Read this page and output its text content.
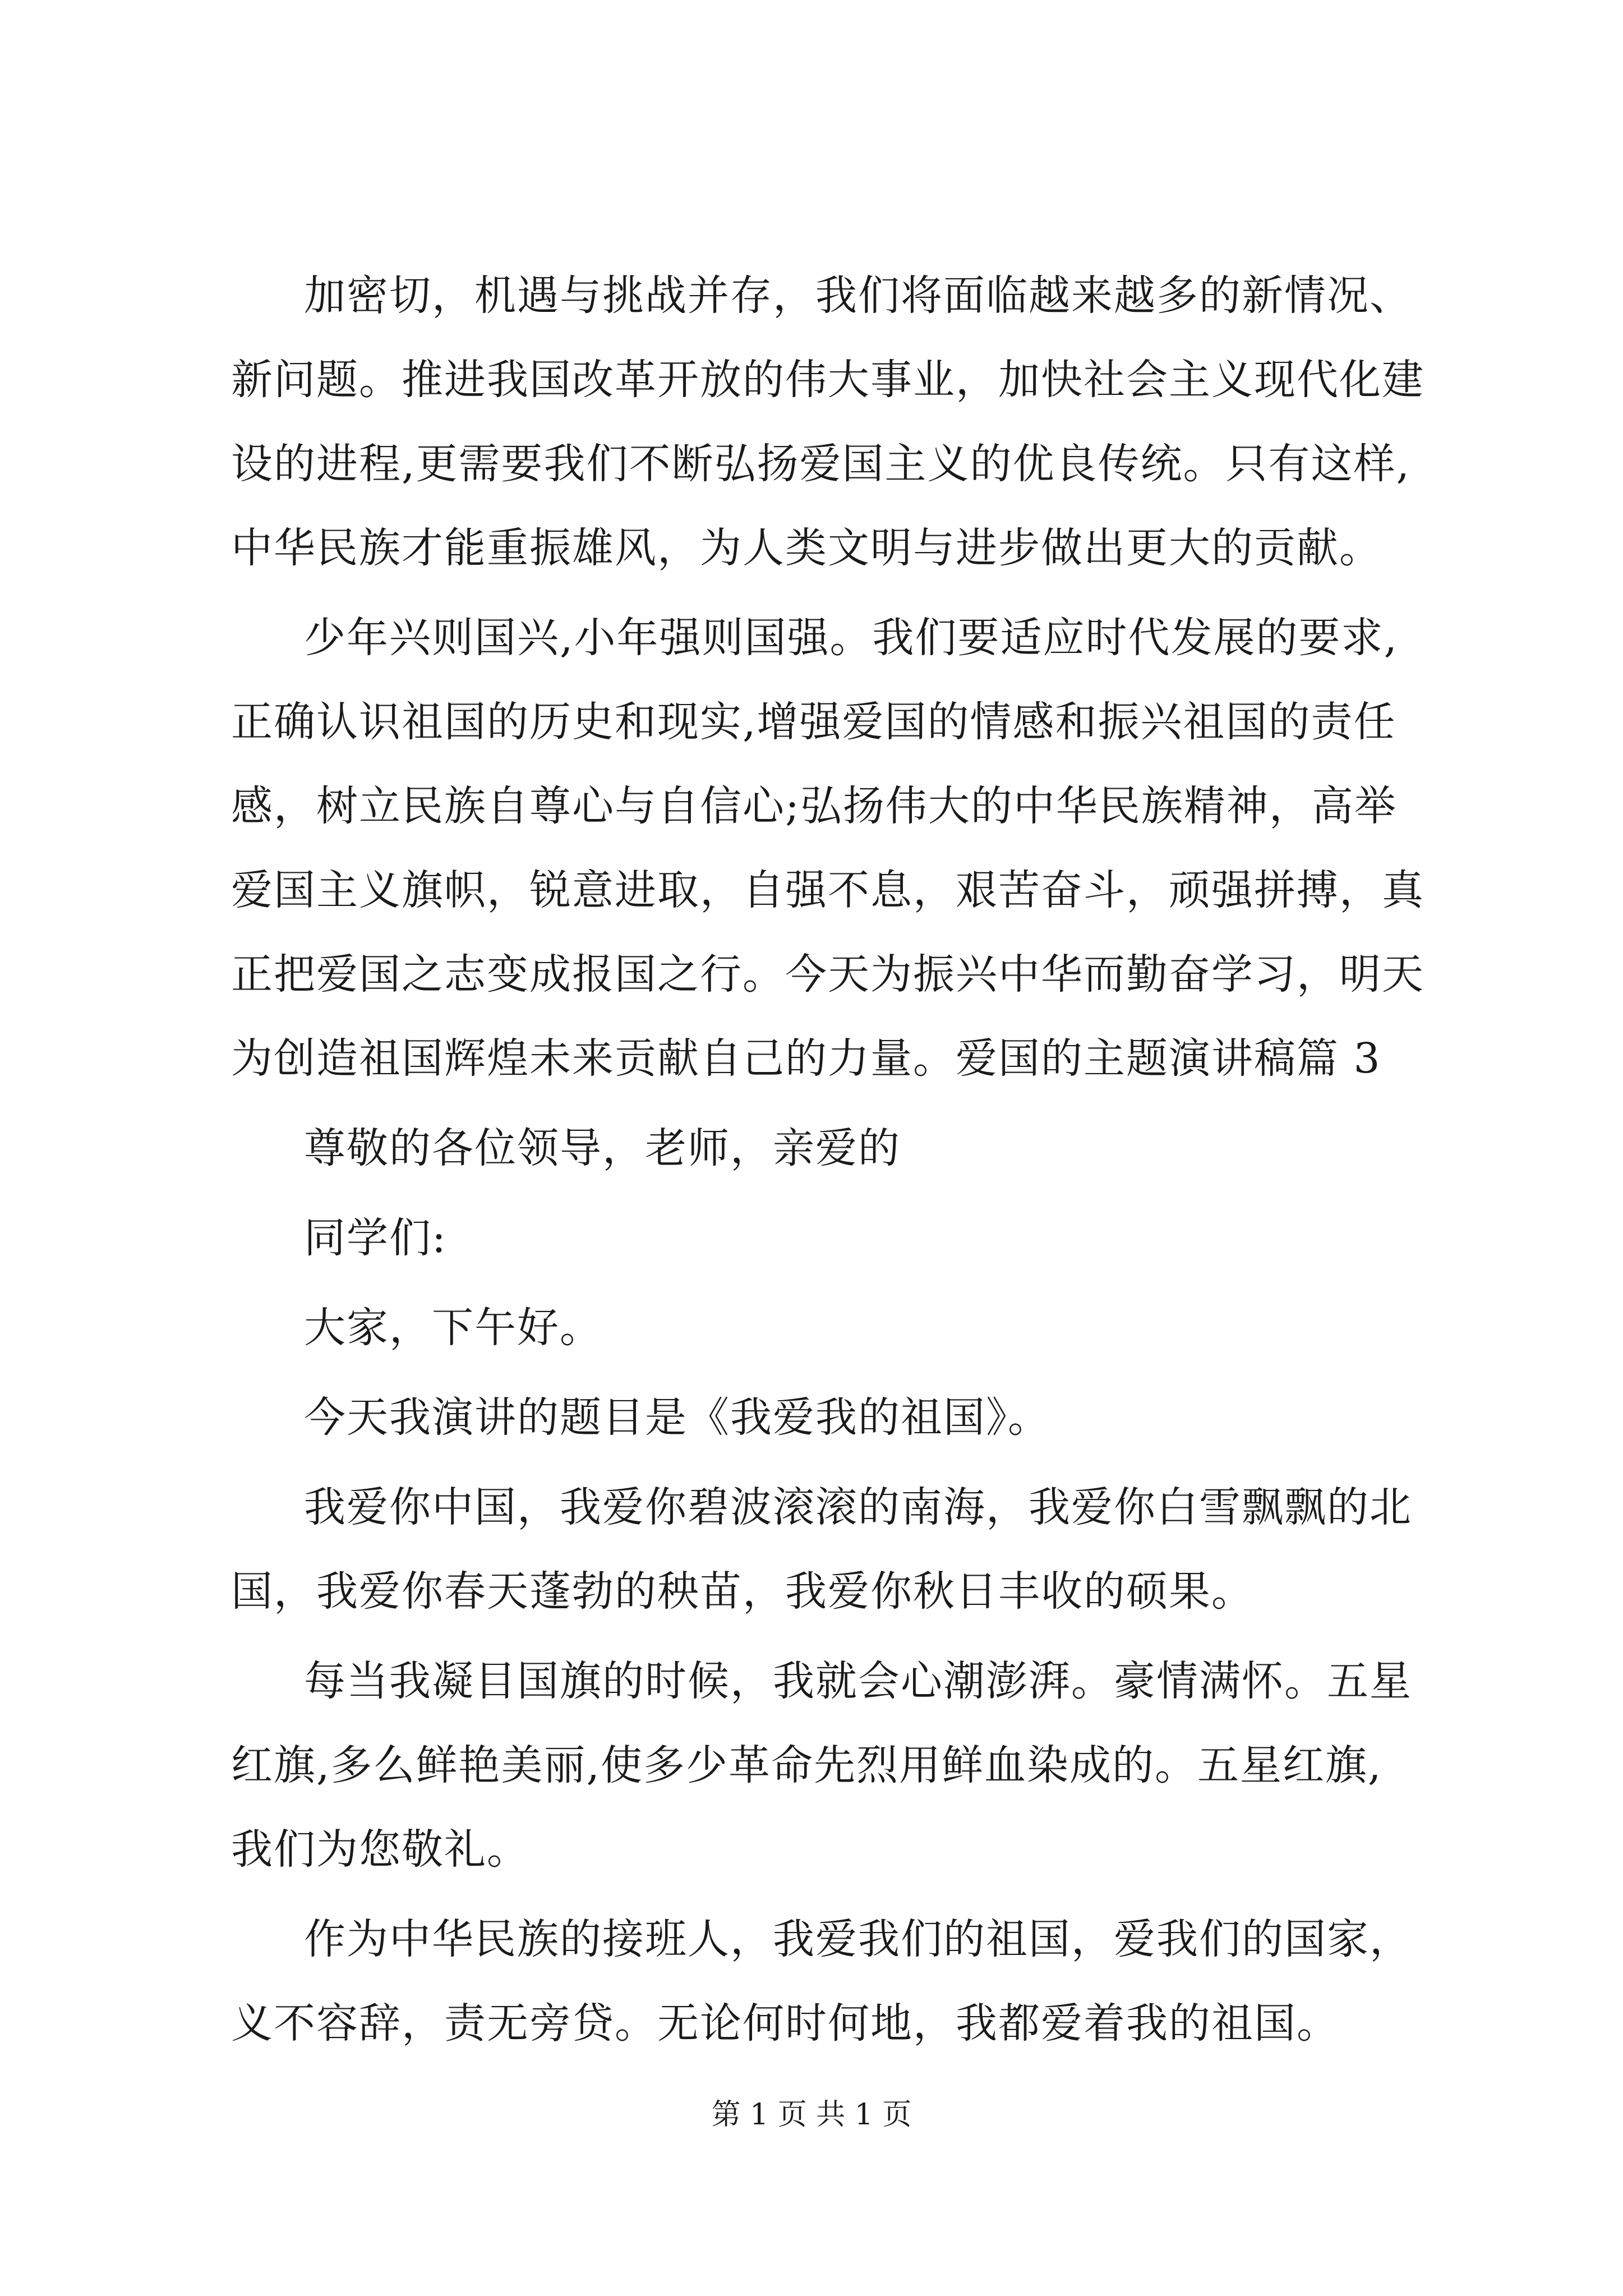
加密切，机遇与挑战并存，我们将面临越来越多的新情况、
新问题。推进我国改革开放的伟大事业，加快社会主义现代化建
设的进程,更需要我们不断弘扬爱国主义的优良传统。只有这样,
中华民族才能重振雄风，为人类文明与进步做出更大的贡献。
少年兴则国兴,小年强则国强。我们要适应时代发展的要求,
正确认识祖国的历史和现实,增强爱国的情感和振兴祖国的责任
感，树立民族自尊心与自信心;弘扬伟大的中华民族精神，高举
爱国主义旗帜，锐意进取，自强不息，艰苦奋斗，顽强拼搏，真
正把爱国之志变成报国之行。今天为振兴中华而勤奋学习，明天
为创造祖国辉煌未来贡献自己的力量。爱国的主题演讲稿篇 3
尊敬的各位领导，老师，亲爱的
同学们:
大家，下午好。
今天我演讲的题目是《我爱我的祖国》。
我爱你中国，我爱你碧波滚滚的南海，我爱你白雪飘飘的北
国，我爱你春天蓬勃的秧苗，我爱你秋日丰收的硕果。
每当我凝目国旗的时候，我就会心潮澎湃。豪情满怀。五星
红旗,多么鲜艳美丽,使多少革命先烈用鲜血染成的。五星红旗,
我们为您敬礼。
作为中华民族的接班人，我爱我们的祖国，爱我们的国家，
义不容辞，责无旁贷。无论何时何地，我都爱着我的祖国。
第 1 页 共 1 页
